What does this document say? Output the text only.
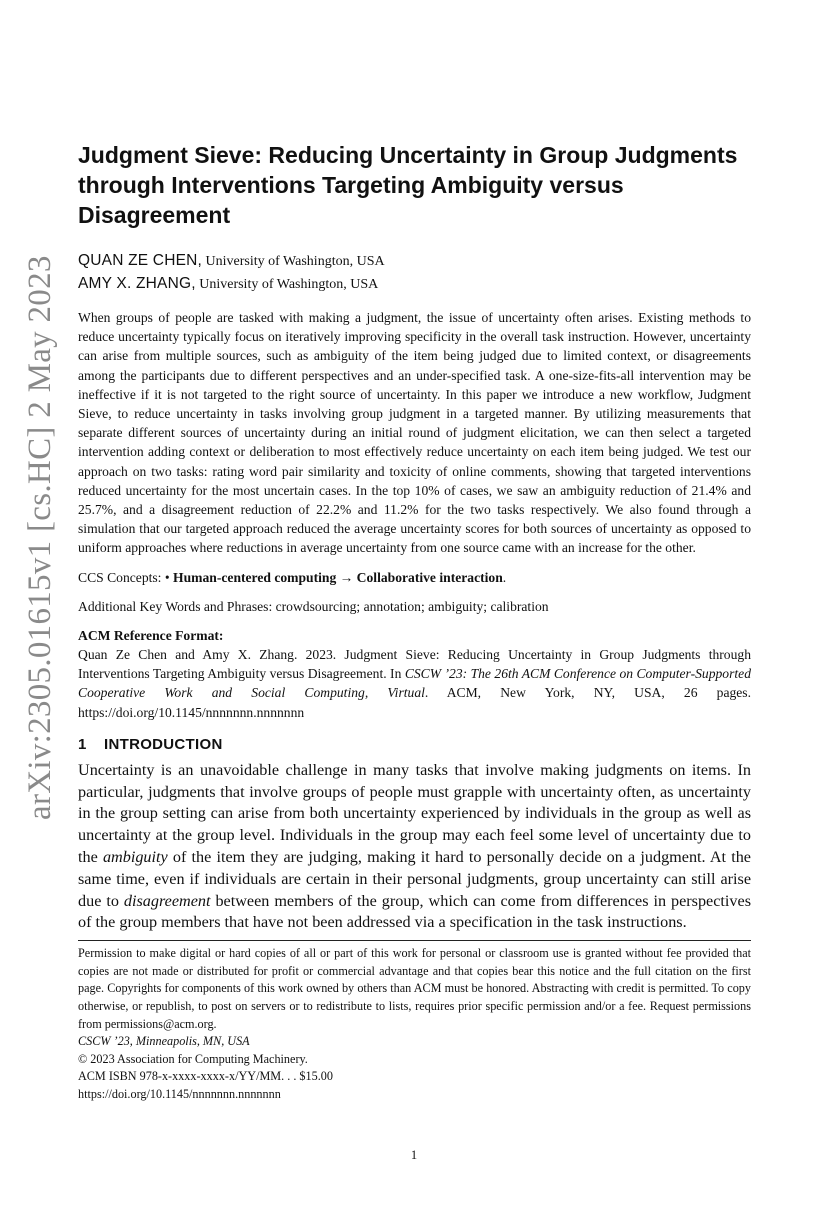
arXiv:2305.01615v1 [cs.HC] 2 May 2023
Judgment Sieve: Reducing Uncertainty in Group Judgments through Interventions Targeting Ambiguity versus Disagreement
QUAN ZE CHEN, University of Washington, USA
AMY X. ZHANG, University of Washington, USA
When groups of people are tasked with making a judgment, the issue of uncertainty often arises. Existing methods to reduce uncertainty typically focus on iteratively improving specificity in the overall task instruction. However, uncertainty can arise from multiple sources, such as ambiguity of the item being judged due to limited context, or disagreements among the participants due to different perspectives and an under-specified task. A one-size-fits-all intervention may be ineffective if it is not targeted to the right source of uncertainty. In this paper we introduce a new workflow, Judgment Sieve, to reduce uncertainty in tasks involving group judgment in a targeted manner. By utilizing measurements that separate different sources of uncertainty during an initial round of judgment elicitation, we can then select a targeted intervention adding context or deliberation to most effectively reduce uncertainty on each item being judged. We test our approach on two tasks: rating word pair similarity and toxicity of online comments, showing that targeted interventions reduced uncertainty for the most uncertain cases. In the top 10% of cases, we saw an ambiguity reduction of 21.4% and 25.7%, and a disagreement reduction of 22.2% and 11.2% for the two tasks respectively. We also found through a simulation that our targeted approach reduced the average uncertainty scores for both sources of uncertainty as opposed to uniform approaches where reductions in average uncertainty from one source came with an increase for the other.
CCS Concepts: • Human-centered computing → Collaborative interaction.
Additional Key Words and Phrases: crowdsourcing; annotation; ambiguity; calibration
ACM Reference Format:
Quan Ze Chen and Amy X. Zhang. 2023. Judgment Sieve: Reducing Uncertainty in Group Judgments through Interventions Targeting Ambiguity versus Disagreement. In CSCW ’23: The 26th ACM Conference on Computer-Supported Cooperative Work and Social Computing, Virtual. ACM, New York, NY, USA, 26 pages. https://doi.org/10.1145/nnnnnnn.nnnnnnn
1 INTRODUCTION
Uncertainty is an unavoidable challenge in many tasks that involve making judgments on items. In particular, judgments that involve groups of people must grapple with uncertainty often, as uncertainty in the group setting can arise from both uncertainty experienced by individuals in the group as well as uncertainty at the group level. Individuals in the group may each feel some level of uncertainty due to the ambiguity of the item they are judging, making it hard to personally decide on a judgment. At the same time, even if individuals are certain in their personal judgments, group uncertainty can still arise due to disagreement between members of the group, which can come from differences in perspectives of the group members that have not been addressed via a specification in the task instructions.
Permission to make digital or hard copies of all or part of this work for personal or classroom use is granted without fee provided that copies are not made or distributed for profit or commercial advantage and that copies bear this notice and the full citation on the first page. Copyrights for components of this work owned by others than ACM must be honored. Abstracting with credit is permitted. To copy otherwise, or republish, to post on servers or to redistribute to lists, requires prior specific permission and/or a fee. Request permissions from permissions@acm.org.
CSCW ’23, Minneapolis, MN, USA
© 2023 Association for Computing Machinery.
ACM ISBN 978-x-xxxx-xxxx-x/YY/MM. . . $15.00
https://doi.org/10.1145/nnnnnnn.nnnnnnn
1
